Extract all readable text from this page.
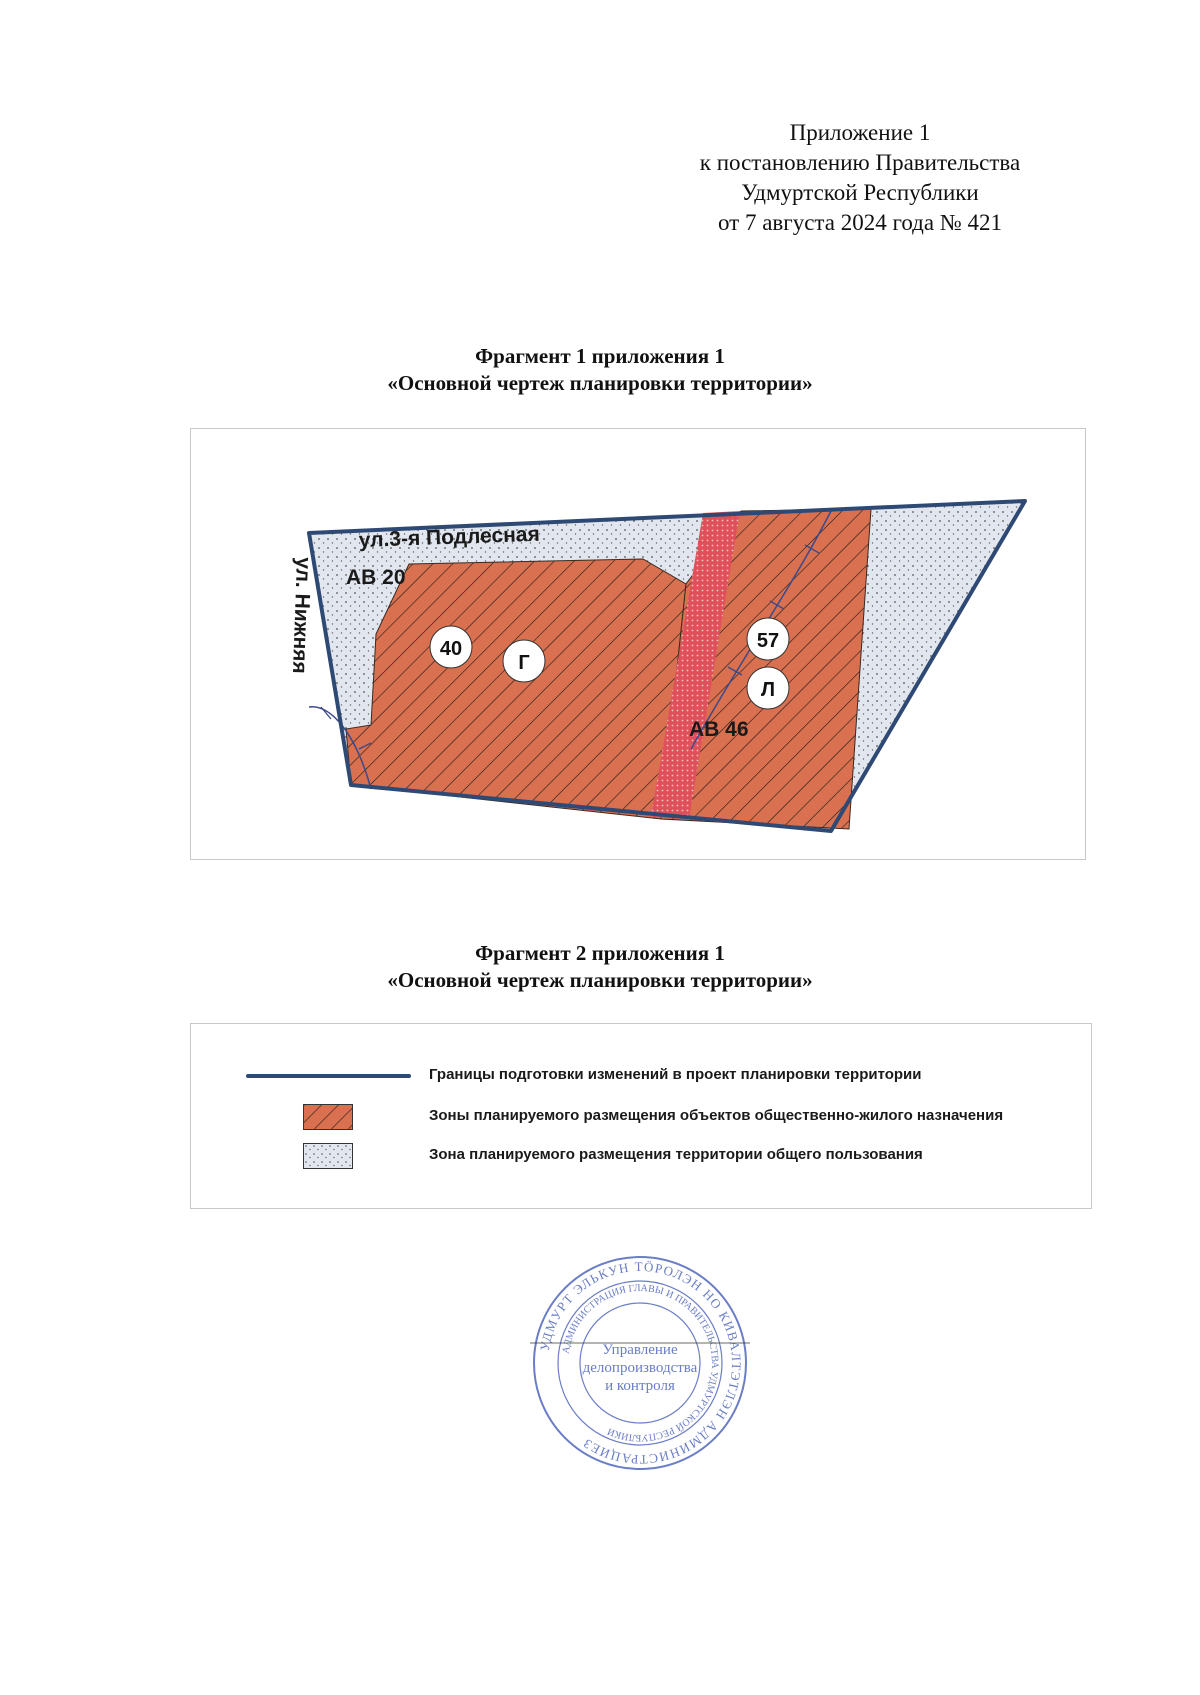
Приложение 1
к постановлению Правительства
Удмуртской Республики
от 7 августа 2024 года № 421
Фрагмент 1 приложения 1
«Основной чертеж планировки территории»
ул.3-я Подлесная
ул. Нижняя АВ 20
АВ 46
40
Г
57
Л
Фрагмент 2 приложения 1
«Основной чертеж планировки территории»
Границы подготовки изменений в проект планировки территории
Зоны планируемого размещения объектов общественно-жилого назначения
Зона планируемого размещения территории общего пользования
УДМУРТ ЭЛЬКУН ТӦРОЛЭН НО КИВАЛТЭТЛЭН АДМИНИСТРАЦИЕЗ
АДМИНИСТРАЦИЯ ГЛАВЫ И ПРАВИТЕЛЬСТВА УДМУРТСКОЙ РЕСПУБЛИКИ
Управление
делопроизводства
и контроля
